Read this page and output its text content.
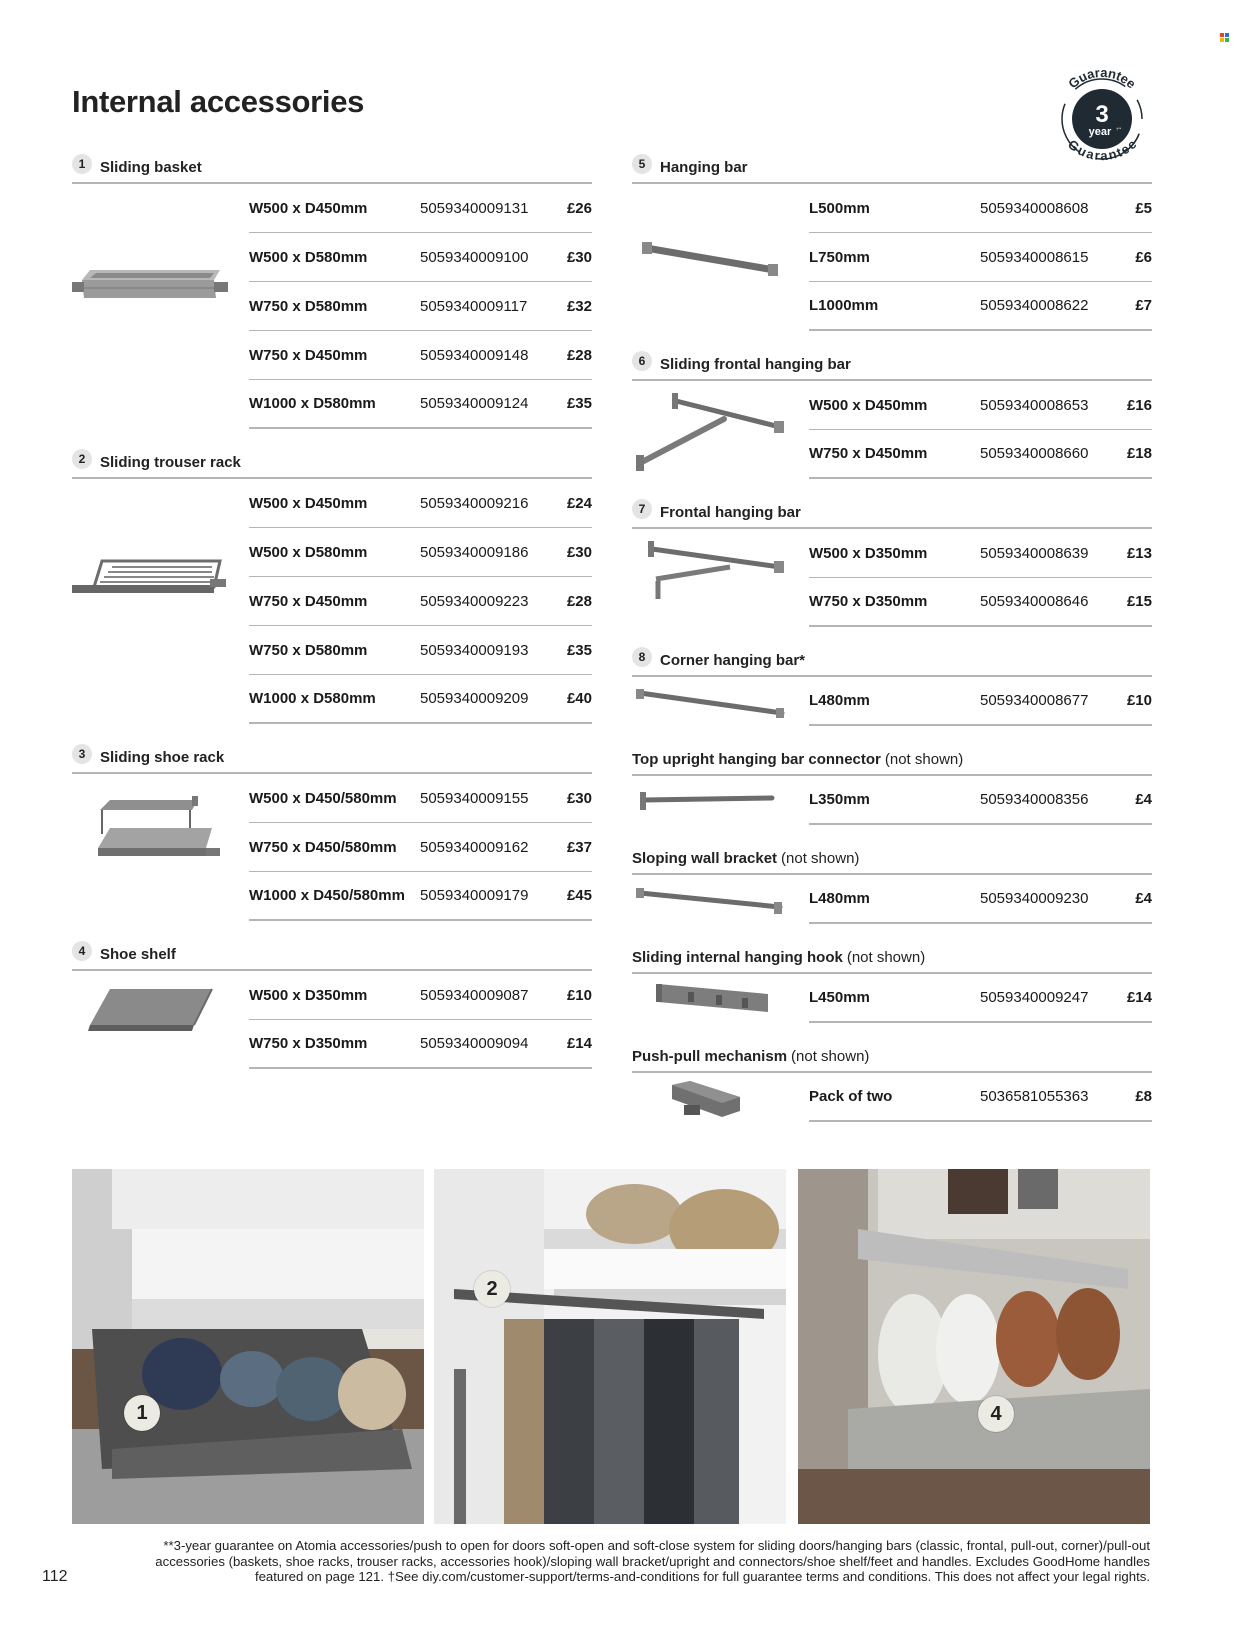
Internal accessories
Guarantee
Guarantee
3
year †**
1 Sliding basket
W500 x D450mm	5059340009131	£26
W500 x D580mm	5059340009100	£30
W750 x D580mm	5059340009117	£32
W750 x D450mm	5059340009148	£28
W1000 x D580mm	5059340009124	£35
2 Sliding trouser rack
W500 x D450mm	5059340009216	£24
W500 x D580mm	5059340009186	£30
W750 x D450mm	5059340009223	£28
W750 x D580mm	5059340009193	£35
W1000 x D580mm	5059340009209	£40
3 Sliding shoe rack
W500 x D450/580mm	5059340009155	£30
W750 x D450/580mm	5059340009162	£37
W1000 x D450/580mm	5059340009179	£45
4 Shoe shelf
W500 x D350mm	5059340009087	£10
W750 x D350mm	5059340009094	£14
5 Hanging bar
L500mm	5059340008608	£5
L750mm	5059340008615	£6
L1000mm	5059340008622	£7
6 Sliding frontal hanging bar
W500 x D450mm	5059340008653	£16
W750 x D450mm	5059340008660	£18
7 Frontal hanging bar
W500 x D350mm	5059340008639	£13
W750 x D350mm	5059340008646	£15
8 Corner hanging bar*
L480mm	5059340008677	£10
Top upright hanging bar connector (not shown)
L350mm	5059340008356	£4
Sloping wall bracket (not shown)
L480mm	5059340009230	£4
Sliding internal hanging hook (not shown)
L450mm	5059340009247	£14
Push-pull mechanism (not shown)
Pack of two	5036581055363	£8
1
2
4
**3-year guarantee on Atomia accessories/push to open for doors soft-open and soft-close system for sliding doors/hanging bars (classic, frontal, pull-out, corner)/pull-out accessories (baskets, shoe racks, trouser racks, accessories hook)/sloping wall bracket/upright and connectors/shoe shelf/feet and handles. Excludes GoodHome handles featured on page 121. †See diy.com/customer-support/terms-and-conditions for full guarantee terms and conditions. This does not affect your legal rights.
112
